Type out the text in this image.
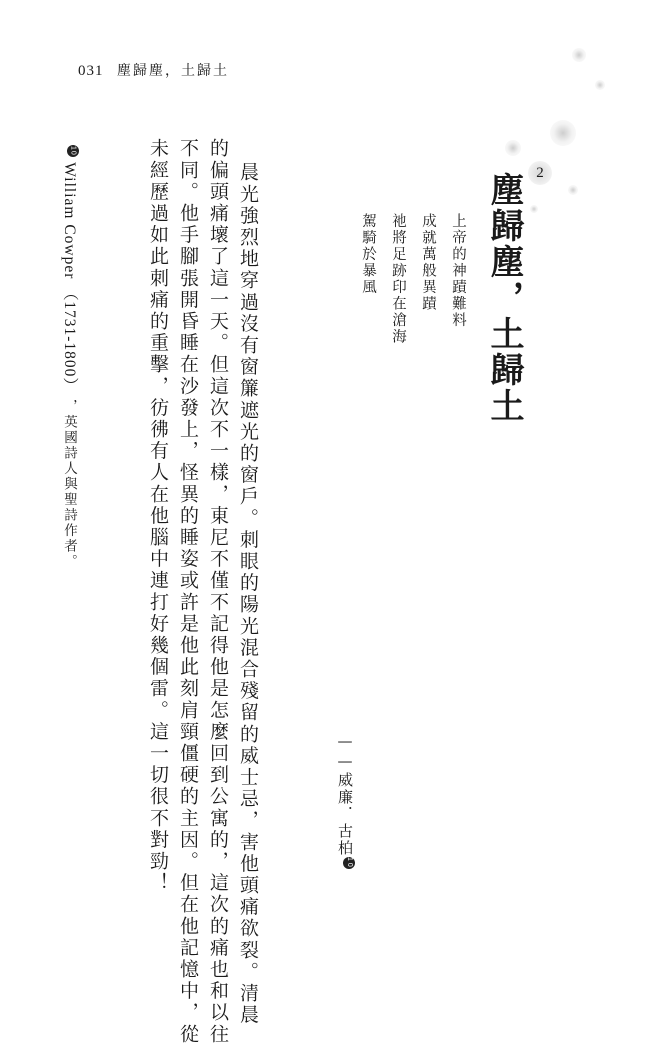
031 塵歸塵，土歸土
2
塵歸塵，土歸土
上帝的神蹟難料
成就萬般異蹟
祂將足跡印在滄海
駕騎於暴風
——威廉．古柏10
晨光強烈地穿過沒有窗簾遮光的窗戶。刺眼的陽光混合殘留的威士忌，害他頭痛欲裂。清晨
的偏頭痛壞了這一天。但這次不一樣，東尼不僅不記得他是怎麼回到公寓的，這次的痛也和以往
不同。他手腳張開昏睡在沙發上，怪異的睡姿或許是他此刻肩頸僵硬的主因。但在他記憶中，從
未經歷過如此刺痛的重擊，彷彿有人在他腦中連打好幾個雷。這一切很不對勁！
10 William Cowper （1731-1800） ，英國詩人與聖詩作者。
